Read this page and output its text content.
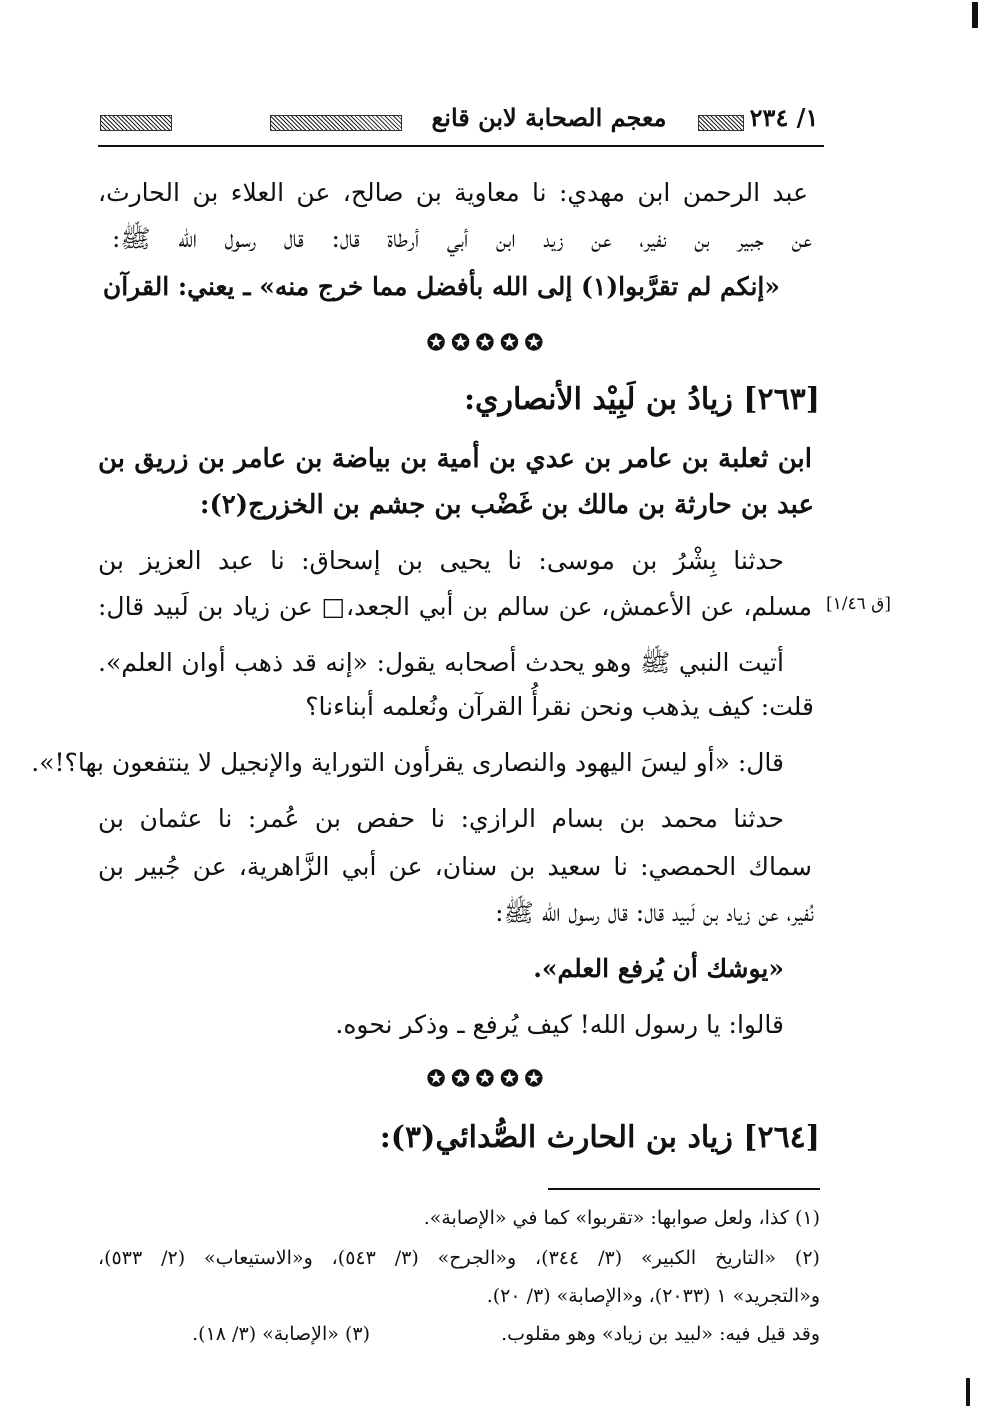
معجم الصحابة لابن قانع	١/ ٢٣٤
عبد الرحمن ابن مهدي: نا معاوية بن صالح، عن العلاء بن الحارث،
عن جبير بن نفير، عن زيد ابن أبي أرطاة قال: قال رسول الله ﷺ:
«إنكم لم تقرَّبوا(١) إلى الله بأفضل مما خرج منه» ـ يعني: القرآن
✪✪✪✪✪
[٢٦٣] زيادُ بن لَبِيْد الأنصاري:
ابن ثعلبة بن عامر بن عدي بن أمية بن بياضة بن عامر بن زريق بن
عبد بن حارثة بن مالك بن غَضْب بن جشم بن الخزرج(٢):
حدثنا بِشْرُ بن موسى: نا يحيى بن إسحاق: نا عبد العزيز بن
مسلم، عن الأعمش، عن سالم بن أبي الجعد،□ عن زياد بن لَبيد قال: [ق ١/٤٦]
أتيت النبي ﷺ وهو يحدث أصحابه يقول: «إنه قد ذهب أوان العلم».
قلت: كيف يذهب ونحن نقرأُ القرآن ونُعلمه أبناءنا؟
قال: «أو ليسَ اليهود والنصارى يقرأون التوراية والإنجيل لا ينتفعون بها؟!».
حدثنا محمد بن بسام الرازي: نا حفص بن عُمر: نا عثمان بن
سماك الحمصي: نا سعيد بن سنان، عن أبي الزَّاهرية، عن جُبير بن
نُفير، عن زياد بن لَبيد قال: قال رسول الله ﷺ:
«يوشك أن يُرفع العلم».
قالوا: يا رسول الله! كيف يُرفع ـ وذكر نحوه.
✪✪✪✪✪
[٢٦٤] زياد بن الحارث الصُّدائي(٣):
(١) كذا، ولعل صوابها: «تقربوا» كما في «الإصابة».
(٢) «التاريخ الكبير» (٣/ ٣٤٤)، و«الجرح» (٣/ ٥٤٣)، و«الاستيعاب» (٢/ ٥٣٣)،
و«التجريد» ١ (٢٠٣٣)، و«الإصابة» (٣/ ٢٠).
وقد قيل فيه: «لبيد بن زياد» وهو مقلوب.
(٣) «الإصابة» (٣/ ١٨).
